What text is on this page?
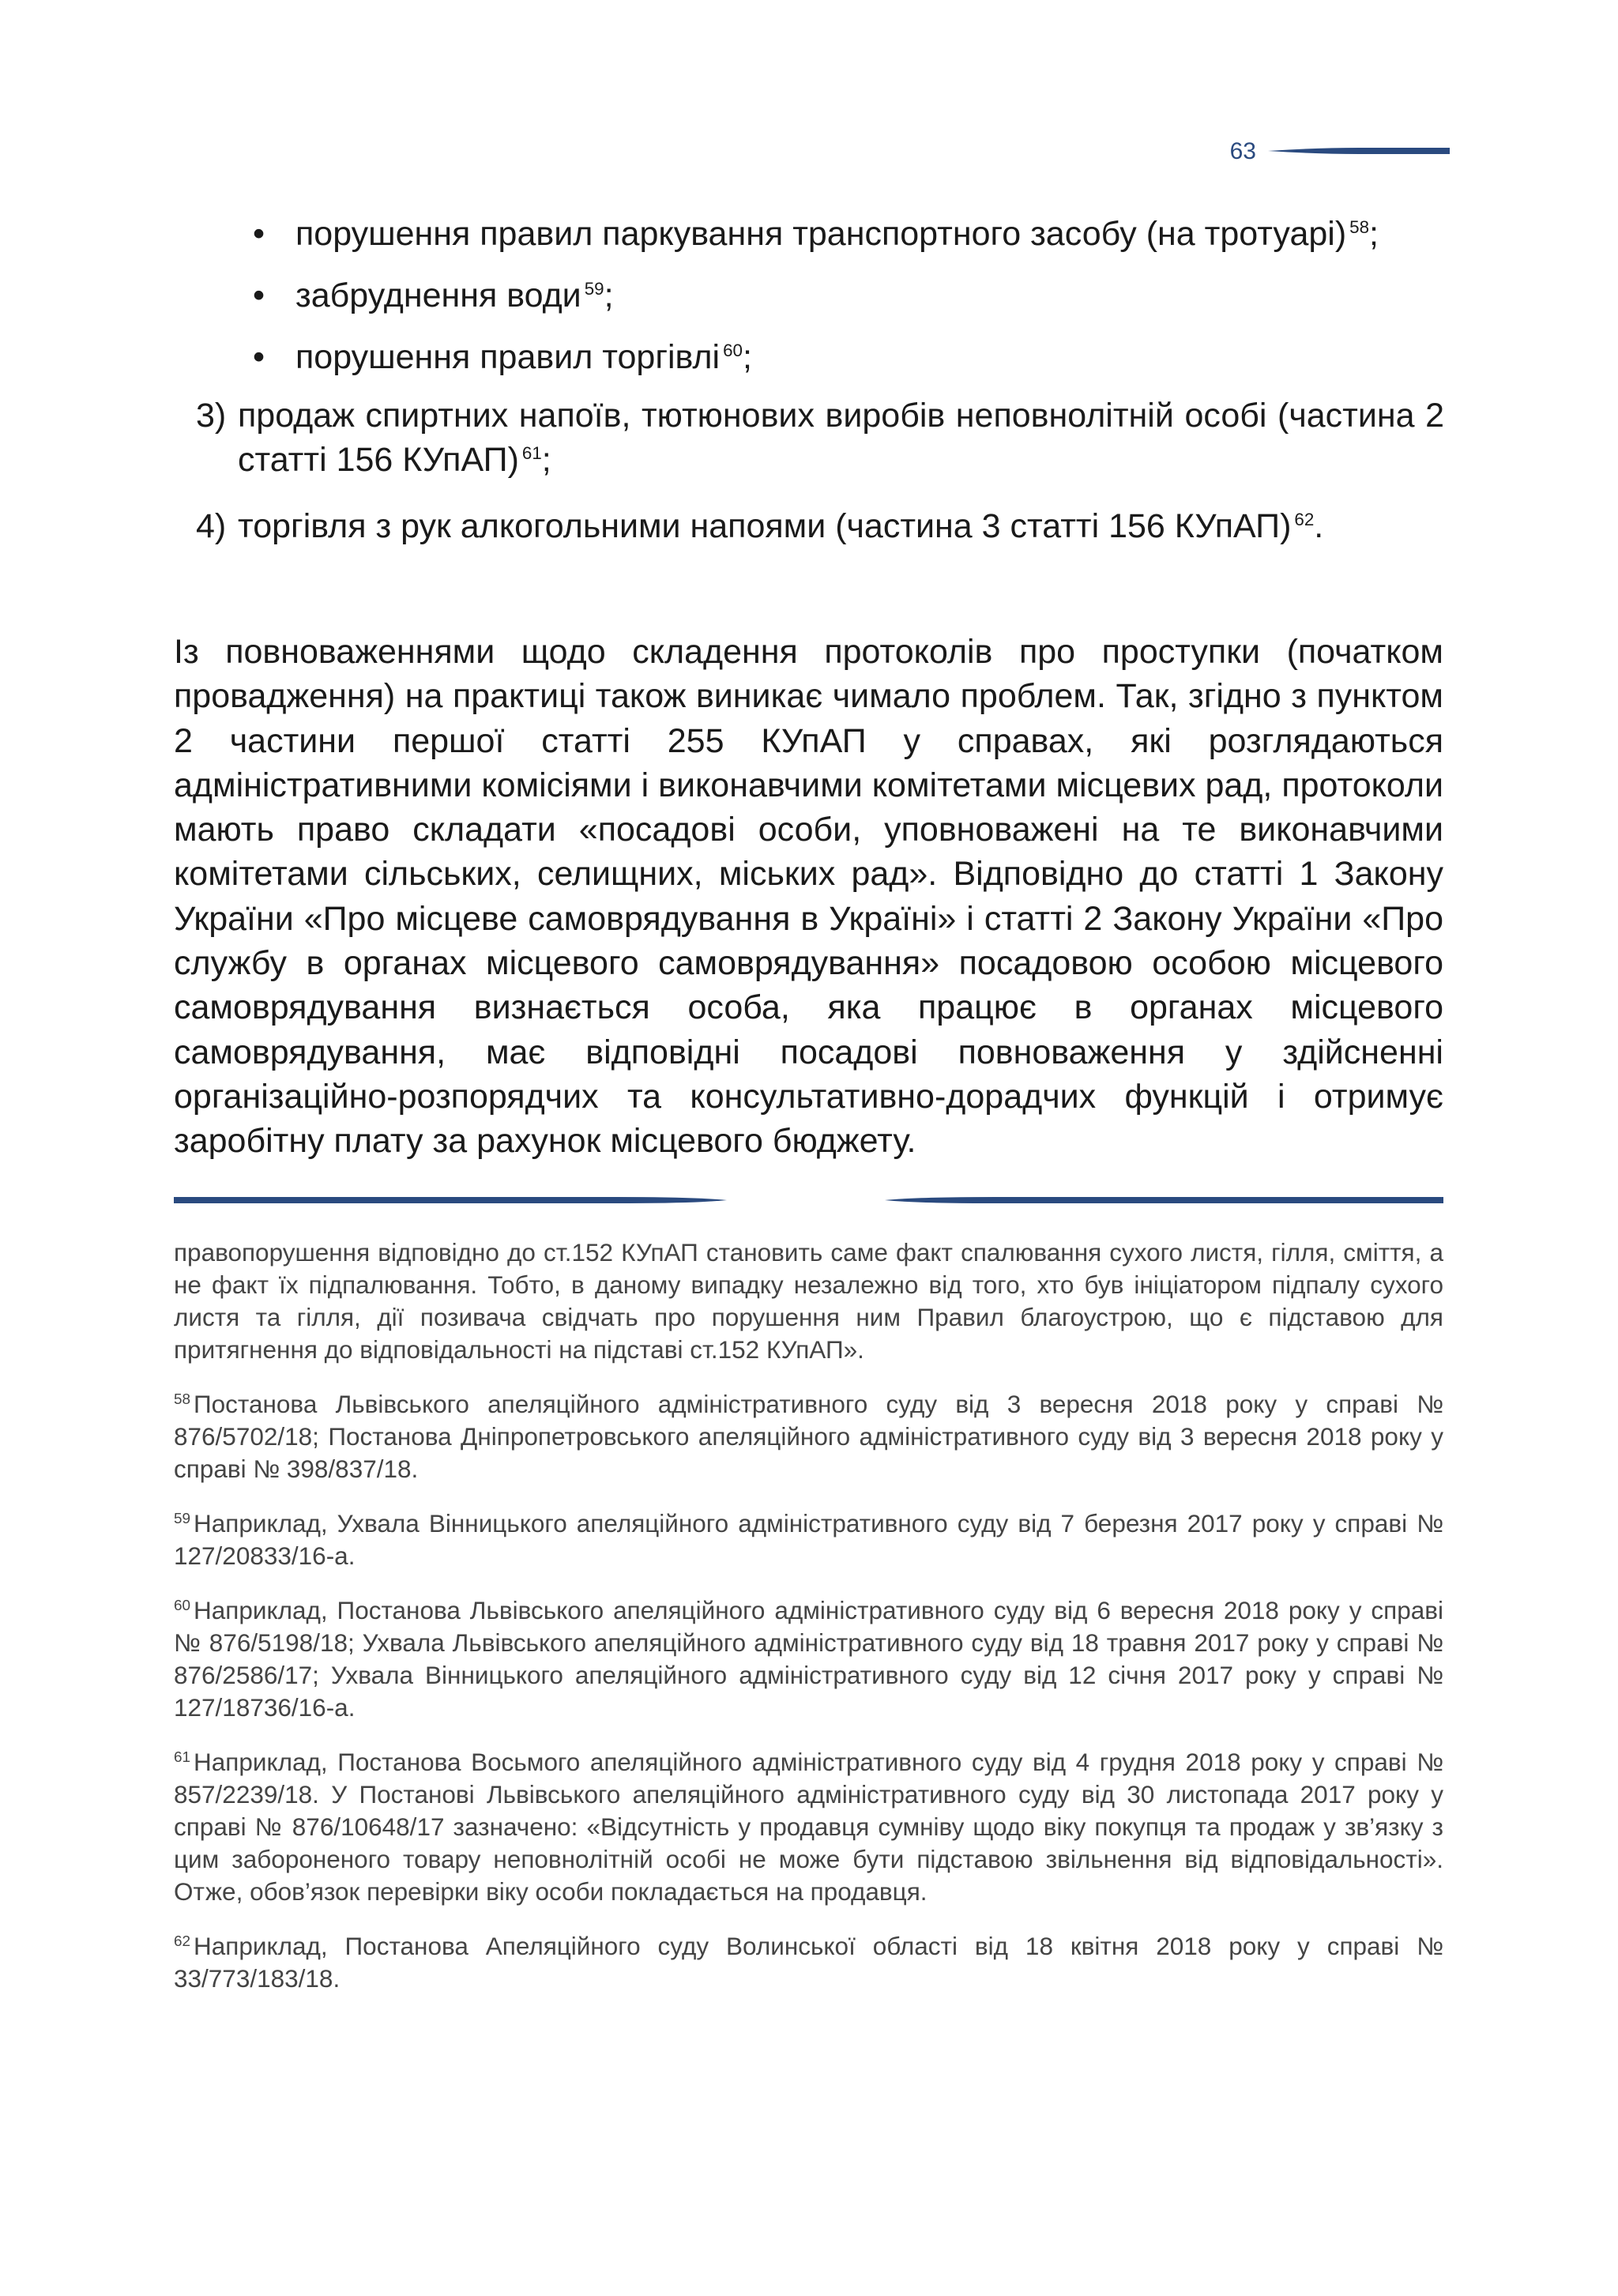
63
• порушення правил паркування транспортного засобу (на тротуарі) $^{58}$;
• забруднення води $^{59}$;
• порушення правил торгівлі $^{60}$;
3) продаж спиртних напоїв, тютюнових виробів неповнолітній особі (частина 2 статті 156 КУпАП) $^{61}$;
4) торгівля з рук алкогольними напоями (частина 3 статті 156 КУпАП) $^{62}$.

Із повноваженнями щодо складення протоколів про проступки (початком провадження) на практиці також виникає чимало проблем. Так, згідно з пунктом 2 частини першої статті 255 КУпАП у справах, які розглядаються адміністративними комісіями і виконавчими комітетами місцевих рад, протоколи мають право складати «посадові особи, уповноважені на те виконавчими комітетами сільських, селищних, міських рад». Відповідно до статті 1 Закону України «Про місцеве самоврядування в Україні» і статті 2 Закону України «Про службу в органах місцевого самоврядування» посадовою особою місцевого самоврядування визнається особа, яка працює в органах місцевого самоврядування, має відповідні посадові повноваження у здійсненні організаційно-розпорядчих та консультативно-дорадчих функцій і отримує заробітну плату за рахунок місцевого бюджету.

правопорушення відповідно до ст.152 КУпАП становить саме факт спалювання сухого листя, гілля, сміття, а не факт їх підпалювання. Тобто, в даному випадку незалежно від того, хто був ініціатором підпалу сухого листя та гілля, дії позивача свідчать про порушення ним Правил благоустрою, що є підставою для притягнення до відповідальності на підставі ст.152 КУпАП».

$^{58}$ Постанова Львівського апеляційного адміністративного суду від 3 вересня 2018 року у справі № 876/5702/18; Постанова Дніпропетровського апеляційного адміністративного суду від 3 вересня 2018 року у справі № 398/837/18.

$^{59}$ Наприклад, Ухвала Вінницького апеляційного адміністративного суду від 7 березня 2017 року у справі № 127/20833/16-а.

$^{60}$ Наприклад, Постанова Львівського апеляційного адміністративного суду від 6 вересня 2018 року у справі № 876/5198/18; Ухвала Львівського апеляційного адміністративного суду від 18 травня 2017 року у справі № 876/2586/17; Ухвала Вінницького апеляційного адміністративного суду від 12 січня 2017 року у справі № 127/18736/16-а.

$^{61}$ Наприклад, Постанова Восьмого апеляційного адміністративного суду від 4 грудня 2018 року у справі № 857/2239/18. У Постанові Львівського апеляційного адміністративного суду від 30 листопада 2017 року у справі № 876/10648/17 зазначено: «Відсутність у продавця сумніву щодо віку покупця та продаж у зв’язку з цим забороненого товару неповнолітній особі не може бути підставою звільнення від відповідальності». Отже, обов’язок перевірки віку особи покладається на продавця.

$^{62}$ Наприклад, Постанова Апеляційного суду Волинської області від 18 квітня 2018 року у справі № 33/773/183/18.
